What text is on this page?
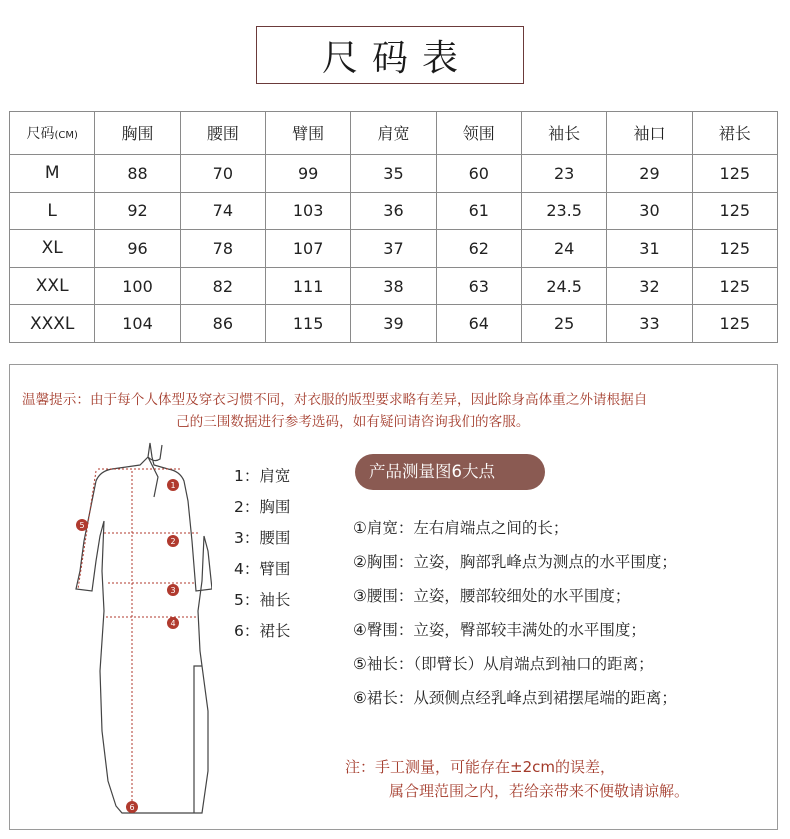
尺码表
尺码(CM)	胸围	腰围	臂围	肩宽	领围	袖长	袖口	裙长
M	88	70	99	35	60	23	29	125
L	92	74	103	36	61	23.5	30	125
XL	96	78	107	37	62	24	31	125
XXL	100	82	111	38	63	24.5	32	125
XXXL	104	86	115	39	64	25	33	125

温馨提示：由于每个人体型及穿衣习惯不同，对衣服的版型要求略有差异，因此除身高体重之外请根据自
己的三围数据进行参考选码，如有疑问请咨询我们的客服。

1
2
3
4
5
6
1：肩宽
2：胸围
3：腰围
4：臂围
5：袖长
6：裙长
产品测量图6大点
①肩宽：左右肩端点之间的长；
②胸围：立姿，胸部乳峰点为测点的水平围度；
③腰围：立姿，腰部较细处的水平围度；
④臀围：立姿，臀部较丰满处的水平围度；
⑤袖长：（即臂长）从肩端点到袖口的距离；
⑥裙长：从颈侧点经乳峰点到裙摆尾端的距离；

注：手工测量，可能存在±2cm的误差，
属合理范围之内，若给亲带来不便敬请谅解。
